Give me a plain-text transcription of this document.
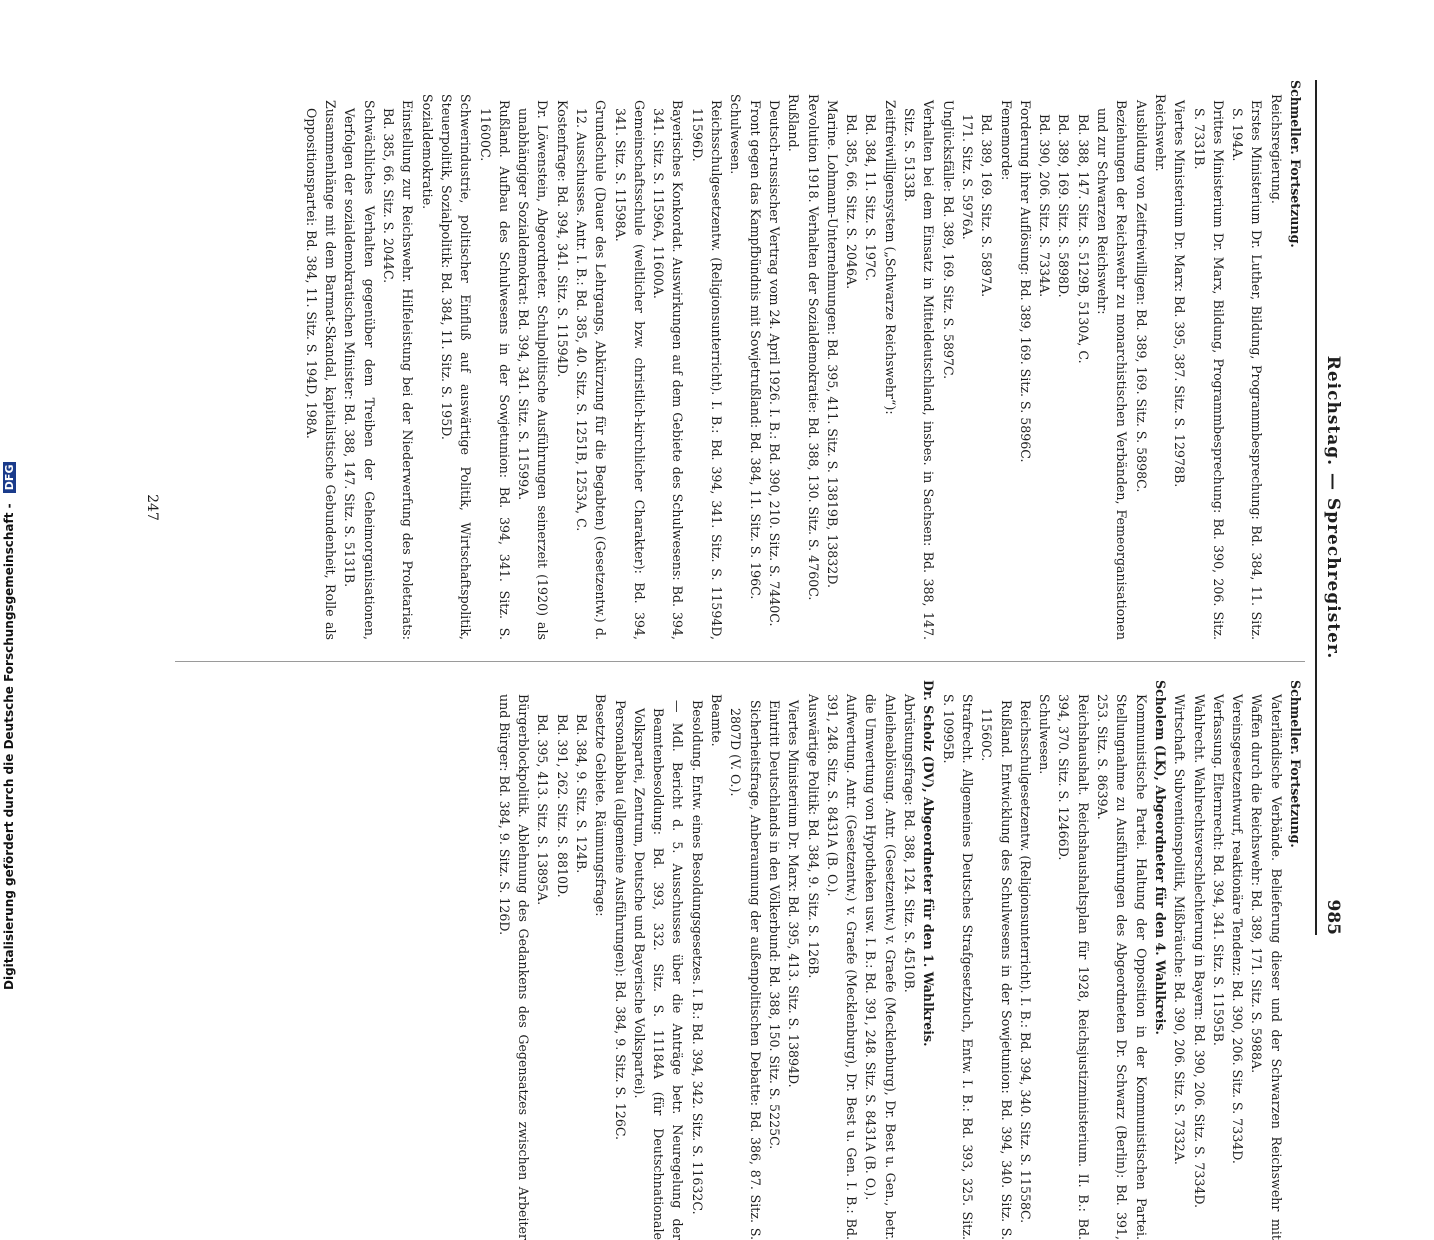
Reichstag. — Sprechregister.
985

Schmeller. Fortsetzung.

Reichsregierung.

Erstes Ministerium Dr. Luther, Bildung, Programmbesprechung: Bd. 384, 11. Sitz. S. 194A.

Drittes Ministerium Dr. Marx, Bildung, Programmbesprechung: Bd. 390, 206. Sitz. S. 7331B.

Viertes Ministerium Dr. Marx: Bd. 395, 387. Sitz. S. 12978B.

Reichswehr.

Ausbildung von Zeitfreiwilligen: Bd. 389, 169. Sitz. S. 5898C.

Beziehungen der Reichswehr zu monarchistischen Verbänden, Femeorganisationen und zur Schwarzen Reichswehr:

Bd. 388, 147. Sitz. S. 5129B, 5130A, C.

Bd. 389, 169. Sitz. S. 5898D.

Bd. 390, 206. Sitz. S. 7334A.

Forderung ihrer Auflösung: Bd. 389, 169. Sitz. S. 5896C.

Fememorde:

Bd. 389, 169. Sitz. S. 5897A.

171. Sitz. S. 5976A.

Unglücksfälle: Bd. 389, 169. Sitz. S. 5897C.

Verhalten bei dem Einsatz in Mitteldeutschland, insbes. in Sachsen: Bd. 388, 147. Sitz. S. 5133B.

Zeitfreiwilligensystem („Schwarze Reichswehr“):

Bd. 384, 11. Sitz. S. 197C.

Bd. 385, 66. Sitz. S. 2046A.

Marine. Lohmann-Unternehmungen: Bd. 395, 411. Sitz. S. 13819B, 13832D.

Revolution 1918. Verhalten der Sozialdemokratie: Bd. 388, 130. Sitz. S. 4760C.

Rußland.

Deutsch-russischer Vertrag vom 24. April 1926. I. B.: Bd. 390, 210. Sitz. S. 7440C.

Front gegen das Kampfbündnis mit Sowjetrußland: Bd. 384, 11. Sitz. S. 196C.

Schulwesen.

Reichsschulgesetzentw. (Religionsunterricht). I. B.: Bd. 394, 341. Sitz. S. 11594D, 11596D.

Bayerisches Konkordat. Auswirkungen auf dem Gebiete des Schulwesens: Bd. 394, 341. Sitz. S. 11596A, 11600A.

Gemeinschaftsschule (weltlicher bzw. christlich-kirchlicher Charakter): Bd. 394, 341. Sitz. S. 11598A.

Grundschule (Dauer des Lehrgangs, Abkürzung für die Begabten) (Gesetzentw.) d. 12. Ausschusses. Antr. I. B.: Bd. 385, 40. Sitz. S. 1251B, 1253A, C.

Kostenfrage: Bd. 394, 341. Sitz. S. 11594D.

Dr. Löwenstein, Abgeordneter. Schulpolitische Ausführungen seinerzeit (1920) als unabhängiger Sozialdemokrat: Bd. 394, 341. Sitz. S. 11599A.

Rußland. Aufbau des Schulwesens in der Sowjetunion: Bd. 394, 341. Sitz. S. 11600C.

Schwerindustrie, politischer Einfluß auf auswärtige Politik, Wirtschaftspolitik, Steuerpolitik, Sozialpolitik: Bd. 384, 11. Sitz. S. 195D.

Sozialdemokratie.

Einstellung zur Reichswehr. Hilfeleistung bei der Niederwerfung des Proletariats: Bd. 385, 66. Sitz. S. 2044C.

Schwächliches Verhalten gegenüber dem Treiben der Geheimorganisationen, Verfolgen der sozialdemokratischen Minister: Bd. 388, 147. Sitz. S. 5131B.

Zusammenhänge mit dem Barmat-Skandal, kapitalistische Gebundenheit, Rolle als Oppositionspartei: Bd. 384, 11. Sitz. S. 194D, 198A.

Schmeller. Fortsetzung.

Vaterländische Verbände. Belieferung dieser und der Schwarzen Reichswehr mit Waffen durch die Reichswehr: Bd. 389, 171. Sitz. S. 5988A.

Vereinsgesetzentwurf, reaktionäre Tendenz: Bd. 390, 206. Sitz. S. 7334D.

Verfassung. Elternrecht: Bd. 394, 341. Sitz. S. 11595B.

Wahlrecht. Wahlrechtsverschlechterung in Bayern: Bd. 390, 206. Sitz. S. 7334D.

Wirtschaft. Subventionspolitik, Mißbräuche: Bd. 390, 206. Sitz. S. 7332A.

Scholem (LK), Abgeordneter für den 4. Wahlkreis.

Kommunistische Partei. Haltung der Opposition in der Kommunistischen Partei. Stellungnahme zu Ausführungen des Abgeordneten Dr. Schwarz (Berlin): Bd. 391, 253. Sitz. S. 8639A.

Reichshaushalt. Reichshaushaltsplan für 1928, Reichsjustizministerium. II. B.: Bd. 394, 370. Sitz. S. 12466D.

Schulwesen.

Reichsschulgesetzentw. (Religionsunterricht). I. B.: Bd. 394, 340. Sitz. S. 11558C.

Rußland. Entwicklung des Schulwesens in der Sowjetunion: Bd. 394, 340. Sitz. S. 11560C.

Strafrecht. Allgemeines Deutsches Strafgesetzbuch, Entw. I. B.: Bd. 393, 325. Sitz. S. 10995B.

Dr. Scholz (DV), Abgeordneter für den 1. Wahlkreis.

Abrüstungsfrage: Bd. 388, 124. Sitz. S. 4510B.

Anleiheablösung. Antr. (Gesetzentw.) v. Graefe (Mecklenburg), Dr. Best u. Gen., betr. die Umwertung von Hypotheken usw. I. B.: Bd. 391, 248. Sitz. S. 8431A (B. O.).

Aufwertung. Antr. (Gesetzentw.) v. Graefe (Mecklenburg), Dr. Best u. Gen. I. B.: Bd. 391, 248. Sitz. S. 8431A (B. O.).

Auswärtige Politik: Bd. 384, 9. Sitz. S. 126B.

Viertes Ministerium Dr. Marx: Bd. 395, 413. Sitz. S. 13894D.

Eintritt Deutschlands in den Völkerbund: Bd. 388, 150. Sitz. S. 5225C.

Sicherheitsfrage, Anberaumung der außenpolitischen Debatte: Bd. 386, 87. Sitz. S. 2807D (V. O.).

Beamte.

Besoldung. Entw. eines Besoldungsgesetzes. I. B.: Bd. 394, 342. Sitz. S. 11632C.

— Mdl. Bericht d. 5. Ausschusses über die Anträge betr. Neuregelung der Beamtenbesoldung: Bd. 393, 332. Sitz. S. 11184A (für Deutschnationale Volkspartei, Zentrum, Deutsche und Bayerische Volkspartei).

Personalabbau (allgemeine Ausführungen): Bd. 384, 9. Sitz. S. 126C.

Besetzte Gebiete. Räumungsfrage:

Bd. 384, 9. Sitz. S. 124B.

Bd. 391, 262. Sitz. S. 8810D.

Bd. 395, 413. Sitz. S. 13895A.

Bürgerblockpolitik. Ablehnung des Gedankens des Gegensatzes zwischen Arbeiter und Bürger: Bd. 384, 9. Sitz. S. 126D.

247
Digitalisierung gefördert durch die Deutsche Forschungsgemeinschaft - DFG
